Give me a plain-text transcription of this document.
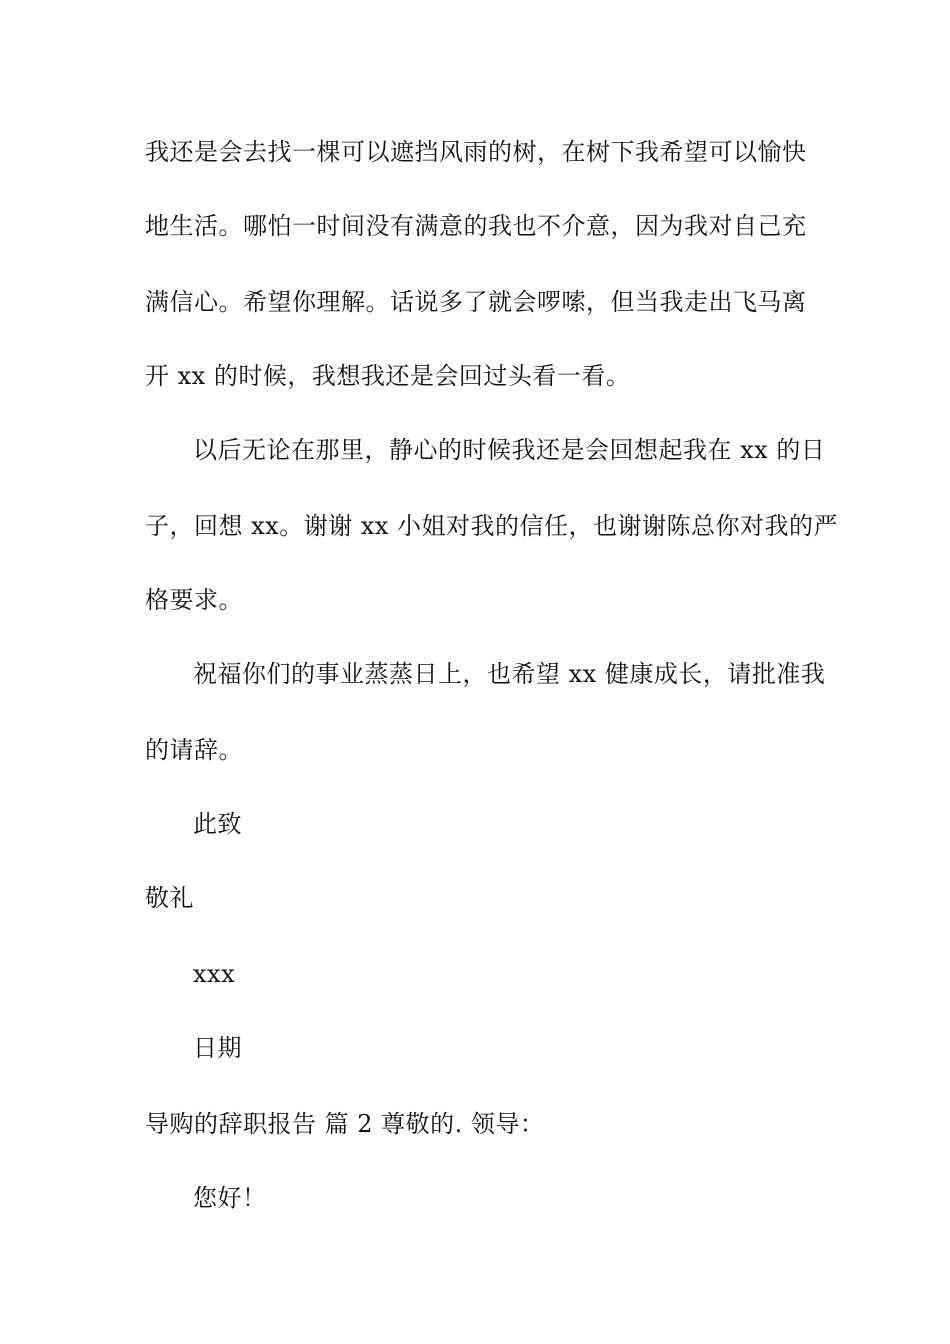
我还是会去找一棵可以遮挡风雨的树，在树下我希望可以愉快
地生活。哪怕一时间没有满意的我也不介意，因为我对自己充
满信心。希望你理解。话说多了就会啰嗦，但当我走出飞马离
开 xx 的时候，我想我还是会回过头看一看。
以后无论在那里，静心的时候我还是会回想起我在 xx 的日
子，回想 xx。谢谢 xx 小姐对我的信任，也谢谢陈总你对我的严
格要求。
祝福你们的事业蒸蒸日上，也希望 xx 健康成长，请批准我
的请辞。
此致
敬礼
xxx
日期
导购的辞职报告 篇 2 尊敬的. 领导：
您好！
